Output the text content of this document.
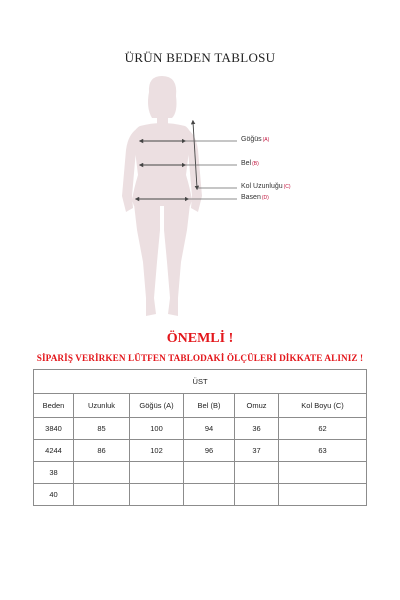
ÜRÜN BEDEN TABLOSU
Göğüs(A)
Bel(B)
Kol Uzunluğu(C)
Basen(D)
ÖNEMLİ !
SİPARİŞ VERİRKEN LÜTFEN TABLODAKİ ÖLÇÜLERİ DİKKATE ALINIZ !
ÜST					
Beden	Uzunluk	Göğüs (A)	Bel (B)	Omuz	Kol Boyu (C)
3840	85	100	94	36	62
4244	86	102	96	37	63
38					
40					
